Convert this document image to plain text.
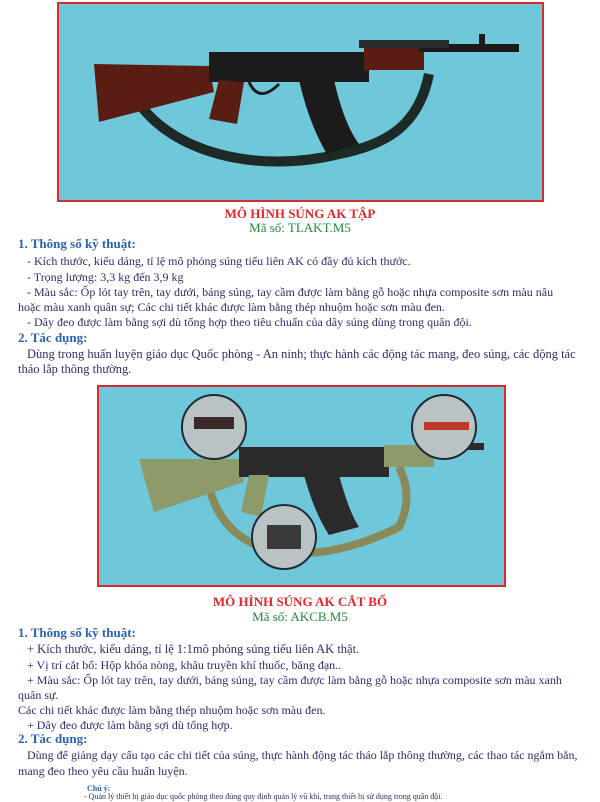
MÔ HÌNH SÚNG AK TẬP
Mã số: TLAKT.M5
1. Thông số kỹ thuật:
- Kích thước, kiểu dáng, tỉ lệ mô phỏng súng tiểu liên AK có đầy đủ kích thước.
- Trọng lượng: 3,3 kg đến 3,9 kg
- Màu sắc: Ốp lót tay trên, tay dưới, báng súng, tay cầm được làm bằng gỗ hoặc nhựa composite sơn màu nâu
hoặc màu xanh quân sự; Các chi tiết khác được làm bằng thép nhuộm hoặc sơn màu đen.
- Dây đeo được làm bằng sợi dù tổng hợp theo tiêu chuẩn của dây súng dùng trong quân đội.
2. Tác dụng:
Dùng trong huấn luyện giáo dục Quốc phòng - An ninh; thực hành các động tác mang, đeo súng, các động tác
tháo lắp thông thường.
MÔ HÌNH SÚNG AK CẮT BỔ
Mã số: AKCB.M5
1. Thông số kỹ thuật:
+ Kích thước, kiểu dáng, tỉ lệ 1:1mô phỏng súng tiểu liên AK thật.
+ Vị trí cắt bổ: Hộp khóa nòng, khâu truyền khí thuốc, băng đạn..
+ Màu sắc: Ốp lót tay trên, tay dưới, báng súng, tay cầm được làm bằng gỗ hoặc nhựa composite sơn màu xanh
quân sự.
Các chi tiết khác được làm bằng thép nhuộm hoặc sơn màu đen.
+ Dây đeo được làm bằng sợi dù tổng hợp.
2. Tác dụng:
Dùng để giảng dạy cấu tạo các chi tiết của súng, thực hành động tác tháo lắp thông thường, các thao tác ngắm bắn,
mang đeo theo yêu cầu huấn luyện.
Chú ý:
- Quản lý thiết bị giáo dục quốc phòng theo đúng quy định quản lý vũ khí, trang thiết bị sử dụng trong quân đội.
